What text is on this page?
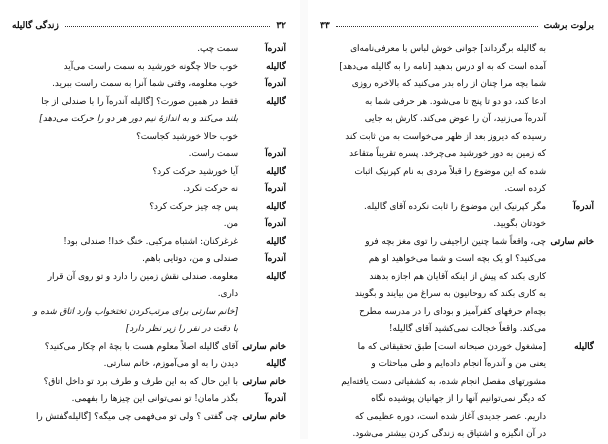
۳۲
زندگی گالیله
آندره‌آ
سمت چپ.
گالیله
خوب حالا چگونه خورشید به سمت راست می‌آید
آندره‌آ
خوب معلومه، وقتی شما آنرا به سمت راست ببرید.
گالیله
فقط در همین صورت؟ [گالیله آندره‌آ را با صندلی از جا
بلند می‌کند و به اندازهٔ نیم دور هر دو را حرکت می‌دهد]
خوب حالا خورشید کجاست؟
آندره‌آ
سمت راست.
گالیله
آیا خورشید حرکت کرد؟
آندره‌آ
نه حرکت نکرد.
گالیله
پس چه چیز حرکت کرد؟
آندره‌آ
من.
گالیله
غرغرکنان: اشتباه مرکبی. خنگ خدا! صندلی بود!
آندره‌آ
صندلی و من، دوتایی باهم.
گالیله
معلومه. صندلی نقش زمین را دارد و تو روی آن قرار
داری.
[خانم سارتی برای مرتب‌کردن تختخواب وارد اتاق شده و
با دقت در نفر را زیر نظر دارد]
خانم سارتی
آقای گالیله اصلاً معلوم هست با بچهٔ ام چکار می‌کنید؟
گالیله
دیدن را به او می‌آموزم، خانم سارتی.
خانم سارتی
با این حال که به این طرف و طرف برد تو داخل اتاق؟
آندره‌آ
بگذر مامان! تو نمی‌توانی این چیزها را بفهمی.
خانم سارتی
چی گفتی ؟ ولی تو می‌فهمی چی میگه؟ [گالیله‌گفتش را
برلوت برشت
۳۳
به گالیله برگرداند] جوانی خوش لباس با معرفی‌نامه‌ای
آمده است که به او درس بدهید [نامه را به گالیله می‌دهد]
شما بچه مرا چنان از راه بدر می‌کنید که بالاخره روزی
ادعا کند، دو دو تا پنج تا می‌شود. هر حرفی شما به
آندره‌آ می‌زنید، آن را عوض می‌کند. کارش به جایی
رسیده که دیروز بعد از ظهر می‌خواست به من ثابت کند
که زمین به دور خورشید می‌چرخد. پسره تقریباً متقاعد
شده که این موضوع را قبلاً مردی به نام کپرنیک اثبات
کرده است.
آندره‌آ
مگر کپرنیک این موضوع را ثابت نکرده آقای گالیله.
خودتان بگویید.
خانم سارتی
چی، واقعاً شما چنین اراجیفی را توی مغز بچه فرو
می‌کنید؟ او یک بچه است و شما می‌خواهید او هم
کاری بکند که پیش از اینکه آقایان هم اجازه بدهند
به کاری بکند که روحانیون به سراغ من بیایند و بگویند
بچه‌ام حرفهای کفرآمیز و بودای را در مدرسه مطرح
می‌کند. واقعاً خجالت نمی‌کشید آقای گالیله!
گالیله
[مشغول خوردن صبحانه است] طبق تحقیقاتی که ما
یعنی من و آندره‌آ انجام داده‌ایم و طی مباحثات و
مشورتهای مفصل انجام شده، به کشفیاتی دست یافته‌ایم
که دیگر نمی‌توانیم آنها را از جهانیان پوشیده نگاه
داریم. عصر جدیدی آغاز شده است، دوره عظیمی که
در آن انگیزه و اشتیاق به زندگی کردن بیشتر می‌شود.
